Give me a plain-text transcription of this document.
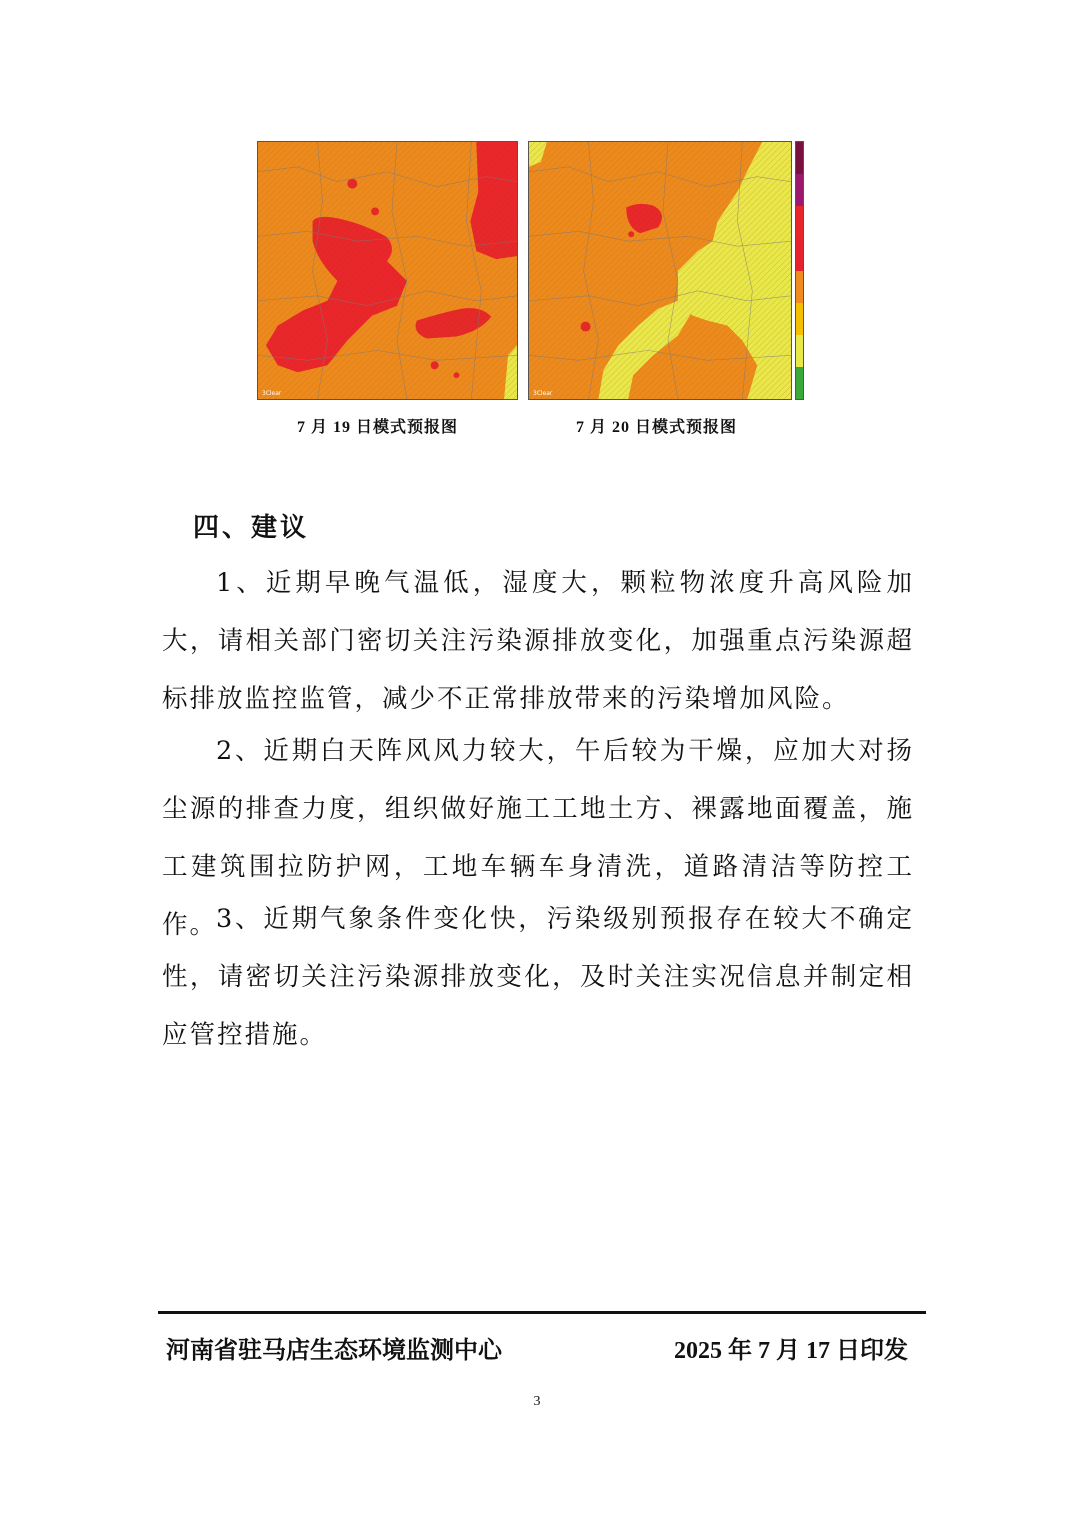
3Clear	3Clear
7 月 19 日模式预报图	7 月 20 日模式预报图
四、建议

1、近期早晚气温低，湿度大，颗粒物浓度升高风险加大，请相关部门密切关注污染源排放变化，加强重点污染源超标排放监控监管，减少不正常排放带来的污染增加风险。

2、近期白天阵风风力较大，午后较为干燥，应加大对扬尘源的排查力度，组织做好施工工地土方、裸露地面覆盖，施工建筑围拉防护网，工地车辆车身清洗，道路清洁等防控工作。

3、近期气象条件变化快，污染级别预报存在较大不确定性，请密切关注污染源排放变化，及时关注实况信息并制定相应管控措施。

河南省驻马店生态环境监测中心	2025 年 7 月 17 日印发
3
